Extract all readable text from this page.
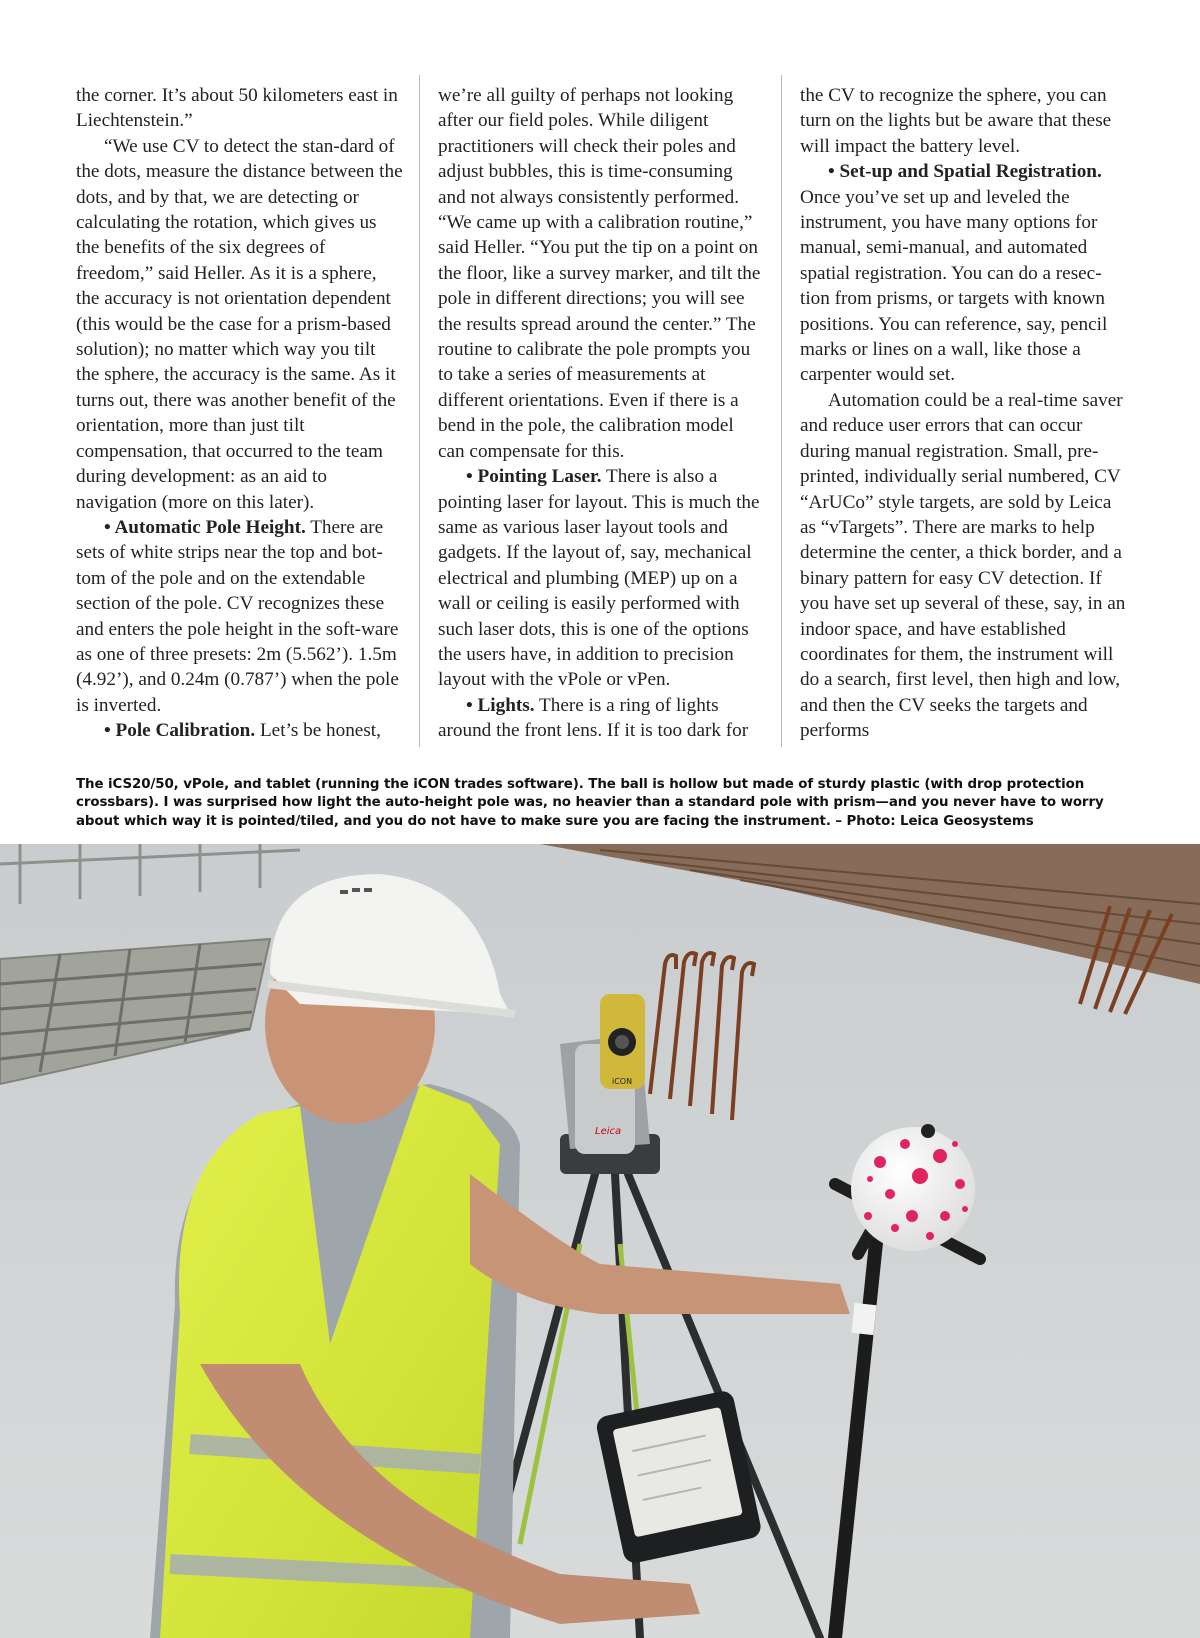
the corner. It’s about 50 kilometers east in Liechtenstein.”

“We use CV to detect the stan-dard of the dots, measure the distance between the dots, and by that, we are detecting or calculating the rotation, which gives us the benefits of the six degrees of freedom,” said Heller. As it is a sphere, the accuracy is not orientation dependent (this would be the case for a prism-based solution); no matter which way you tilt the sphere, the accuracy is the same. As it turns out, there was another benefit of the orientation, more than just tilt compensation, that occurred to the team during development: as an aid to navigation (more on this later).

• Automatic Pole Height. There are sets of white strips near the top and bot-tom of the pole and on the extendable section of the pole. CV recognizes these and enters the pole height in the soft-ware as one of three presets: 2m (5.562’). 1.5m (4.92’), and 0.24m (0.787’) when the pole is inverted.

• Pole Calibration. Let’s be honest,

we’re all guilty of perhaps not looking after our field poles. While diligent practitioners will check their poles and adjust bubbles, this is time-consuming and not always consistently performed. “We came up with a calibration routine,” said Heller. “You put the tip on a point on the floor, like a survey marker, and tilt the pole in different directions; you will see the results spread around the center.” The routine to calibrate the pole prompts you to take a series of measurements at different orientations. Even if there is a bend in the pole, the calibration model can compensate for this.

• Pointing Laser. There is also a pointing laser for layout. This is much the same as various laser layout tools and gadgets. If the layout of, say, mechanical electrical and plumbing (MEP) up on a wall or ceiling is easily performed with such laser dots, this is one of the options the users have, in addition to precision layout with the vPole or vPen.

• Lights. There is a ring of lights around the front lens. If it is too dark for

the CV to recognize the sphere, you can turn on the lights but be aware that these will impact the battery level.

• Set-up and Spatial Registration. Once you’ve set up and leveled the instrument, you have many options for manual, semi-manual, and automated spatial registration. You can do a resec-tion from prisms, or targets with known positions. You can reference, say, pencil marks or lines on a wall, like those a carpenter would set.

Automation could be a real-time saver and reduce user errors that can occur during manual registration. Small, pre-printed, individually serial numbered, CV “ArUCo” style targets, are sold by Leica as “vTargets”. There are marks to help determine the center, a thick border, and a binary pattern for easy CV detection. If you have set up several of these, say, in an indoor space, and have established coordinates for them, the instrument will do a search, first level, then high and low, and then the CV seeks the targets and performs

The iCS20/50, vPole, and tablet (running the iCON trades software). The ball is hollow but made of sturdy plastic (with drop protection crossbars). I was surprised how light the auto-height pole was, no heavier than a standard pole with prism—and you never have to worry about which way it is pointed/tiled, and you do not have to make sure you are facing the instrument. – Photo: Leica Geosystems
iCON
Leica
